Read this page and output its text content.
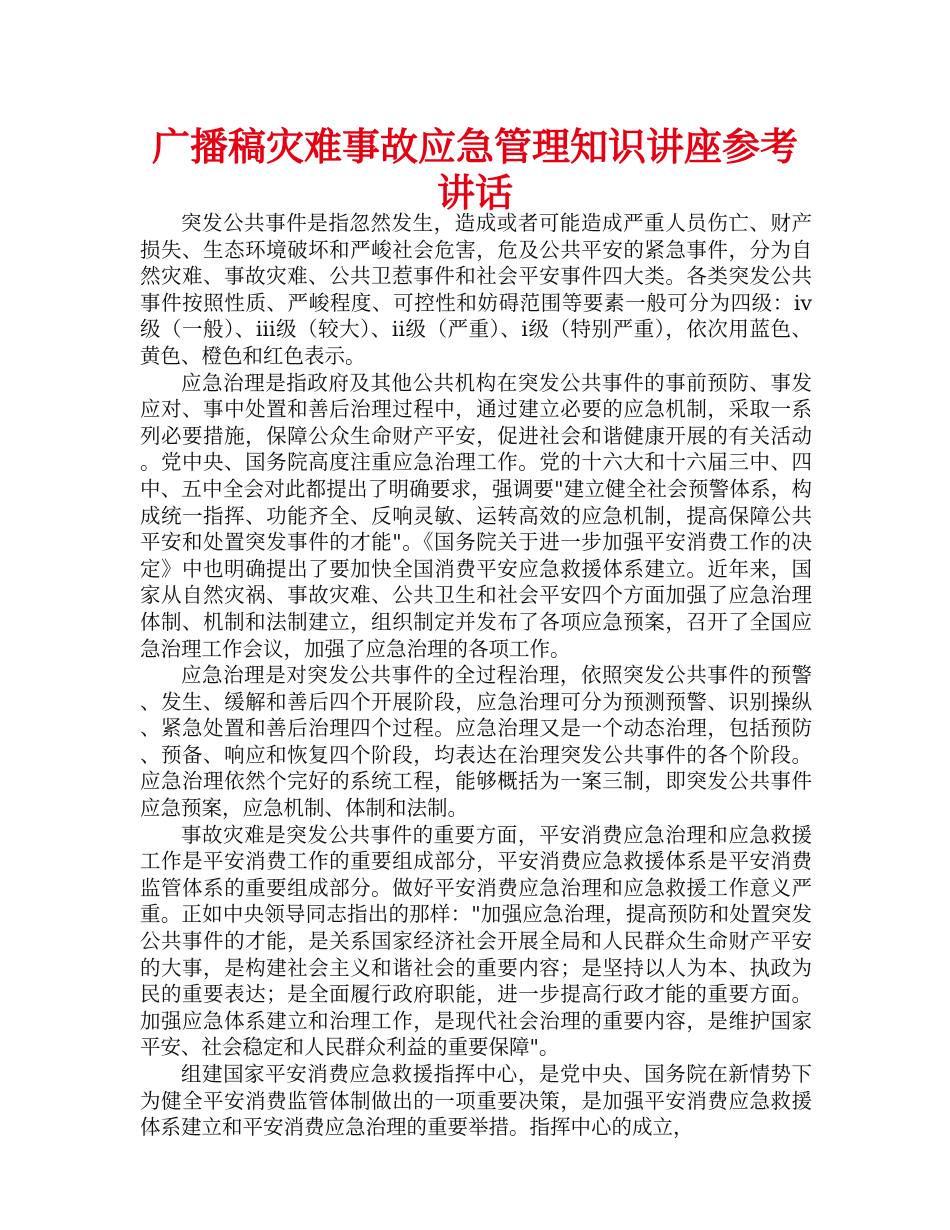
广播稿灾难事故应急管理知识讲座参考讲话

突发公共事件是指忽然发生，造成或者可能造成严重人员伤亡、财产损失、生态环境破坏和严峻社会危害，危及公共平安的紧急事件，分为自然灾难、事故灾难、公共卫惹事件和社会平安事件四大类。各类突发公共事件按照性质、严峻程度、可控性和妨碍范围等要素一般可分为四级：ⅳ级（一般）、ⅲ级（较大）、ⅱ级（严重）、ⅰ级（特别严重），依次用蓝色、黄色、橙色和红色表示。

应急治理是指政府及其他公共机构在突发公共事件的事前预防、事发应对、事中处置和善后治理过程中，通过建立必要的应急机制，采取一系列必要措施，保障公众生命财产平安，促进社会和谐健康开展的有关活动。党中央、国务院高度注重应急治理工作。党的十六大和十六届三中、四中、五中全会对此都提出了明确要求，强调要"建立健全社会预警体系，构成统一指挥、功能齐全、反响灵敏、运转高效的应急机制，提高保障公共平安和处置突发事件的才能"。《国务院关于进一步加强平安消费工作的决定》中也明确提出了要加快全国消费平安应急救援体系建立。近年来，国家从自然灾祸、事故灾难、公共卫生和社会平安四个方面加强了应急治理体制、机制和法制建立，组织制定并发布了各项应急预案，召开了全国应急治理工作会议，加强了应急治理的各项工作。

应急治理是对突发公共事件的全过程治理，依照突发公共事件的预警、发生、缓解和善后四个开展阶段，应急治理可分为预测预警、识别操纵、紧急处置和善后治理四个过程。应急治理又是一个动态治理，包括预防、预备、响应和恢复四个阶段，均表达在治理突发公共事件的各个阶段。应急治理依然个完好的系统工程，能够概括为一案三制，即突发公共事件应急预案，应急机制、体制和法制。

事故灾难是突发公共事件的重要方面，平安消费应急治理和应急救援工作是平安消费工作的重要组成部分，平安消费应急救援体系是平安消费监管体系的重要组成部分。做好平安消费应急治理和应急救援工作意义严重。正如中央领导同志指出的那样："加强应急治理，提高预防和处置突发公共事件的才能，是关系国家经济社会开展全局和人民群众生命财产平安的大事，是构建社会主义和谐社会的重要内容；是坚持以人为本、执政为民的重要表达；是全面履行政府职能，进一步提高行政才能的重要方面。加强应急体系建立和治理工作，是现代社会治理的重要内容，是维护国家平安、社会稳定和人民群众利益的重要保障"。

组建国家平安消费应急救援指挥中心，是党中央、国务院在新情势下为健全平安消费监管体制做出的一项重要决策，是加强平安消费应急救援体系建立和平安消费应急治理的重要举措。指挥中心的成立，
